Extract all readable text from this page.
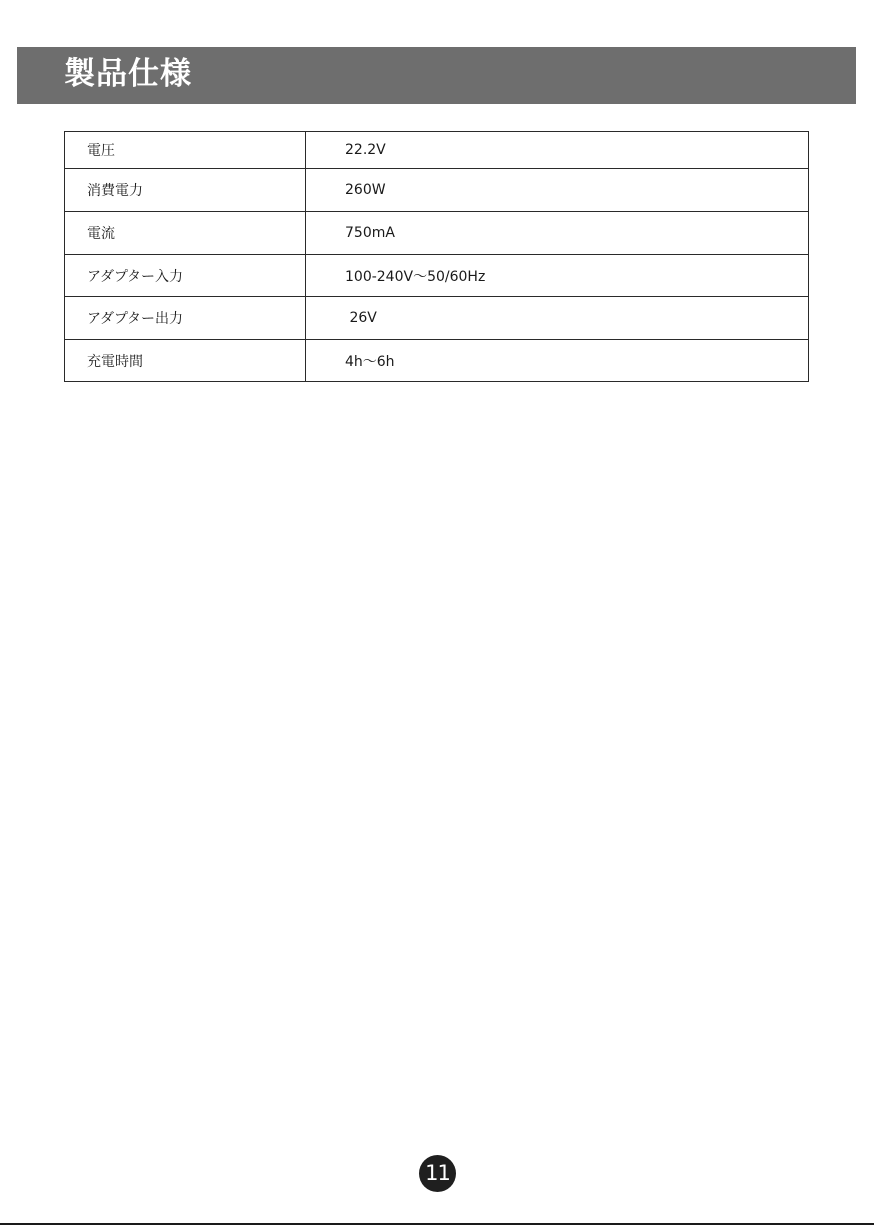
製品仕様
電圧	22.2V
消費電力	260W
電流	750mA
アダプター入力	100-240V～50/60Hz
アダプター出力	26V
充電時間	4h～6h
11
